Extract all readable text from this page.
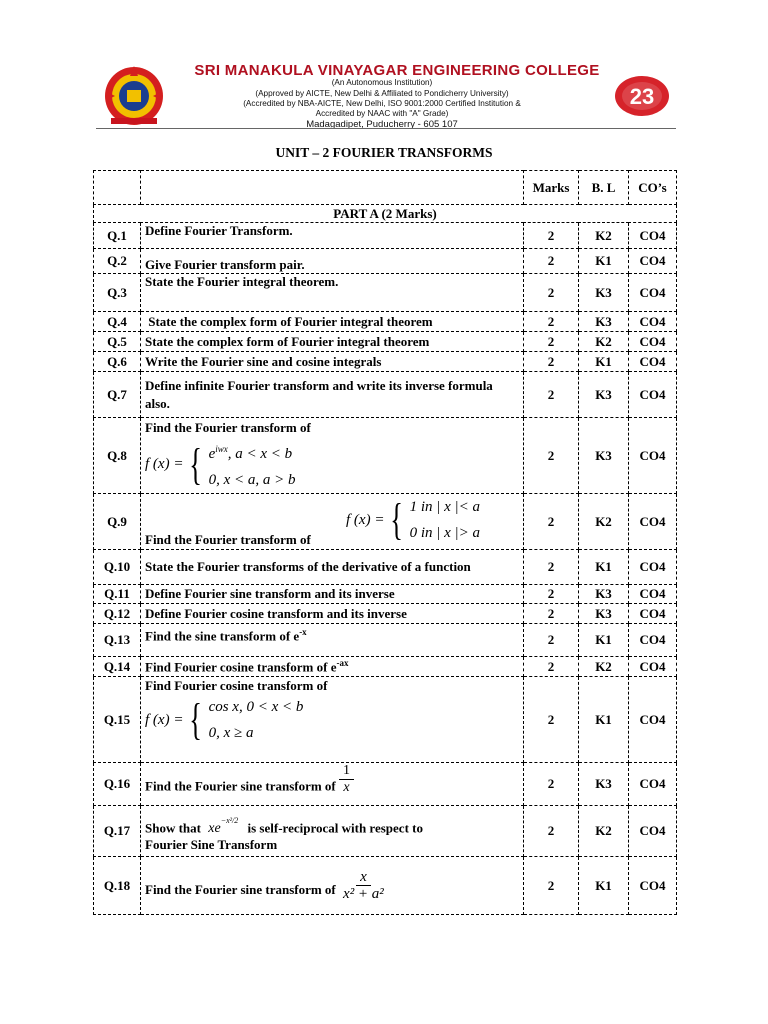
SRI MANAKULA VINAYAGAR ENGINEERING COLLEGE
(An Autonomous Institution)
(Approved by AICTE, New Delhi & Affiliated to Pondicherry University)
(Accredited by NBA-AICTE, New Delhi, ISO 9001:2000 Certified Institution &
Accredited by NAAC with "A" Grade)
Madagadipet, Puducherry - 605 107
23
UNIT – 2 FOURIER TRANSFORMS
		Marks	B. L	CO’s
PART A (2 Marks)				
Q.1	Define Fourier Transform.	2	K2	CO4
Q.2	Give Fourier transform pair.	2	K1	CO4
Q.3	State the Fourier integral theorem.	2	K3	CO4
Q.4	State the complex form of Fourier integral theorem	2	K3	CO4
Q.5	State the complex form of Fourier integral theorem	2	K2	CO4
Q.6	Write the Fourier sine and cosine integrals	2	K1	CO4
Q.7	Define infinite Fourier transform and write its inverse formula also.	2	K3	CO4
Q.8	Find the Fourier transform of
f (x) = { $e^{iwx}$, a < x < b
0, x < a, a > b	2	K3	CO4
Q.9	f (x) = { 1 in | x |< a
0 in | x |> a
Find the Fourier transform of	2	K2	CO4
Q.10	State the Fourier transforms of the derivative of a function	2	K1	CO4
Q.11	Define Fourier sine transform and its inverse	2	K3	CO4
Q.12	Define Fourier cosine transform and its inverse	2	K3	CO4
Q.13	Find the sine transform of $e^{-x}$	2	K1	CO4
Q.14	Find Fourier cosine transform of $e^{-ax}$	2	K2	CO4
Q.15	Find Fourier cosine transform of
f (x) = { cos x, 0 < x < b
0, x ≥ a	2	K1	CO4
Q.16	Find the Fourier sine transform of $\frac{1}{x}$	2	K3	CO4
Q.17	Show that $xe^{-x^2/2}$ is self-reciprocal with respect to
Fourier Sine Transform	2	K2	CO4
Q.18	Find the Fourier sine transform of $\frac{x}{\text{x² + a²}}$	2	K1	CO4
